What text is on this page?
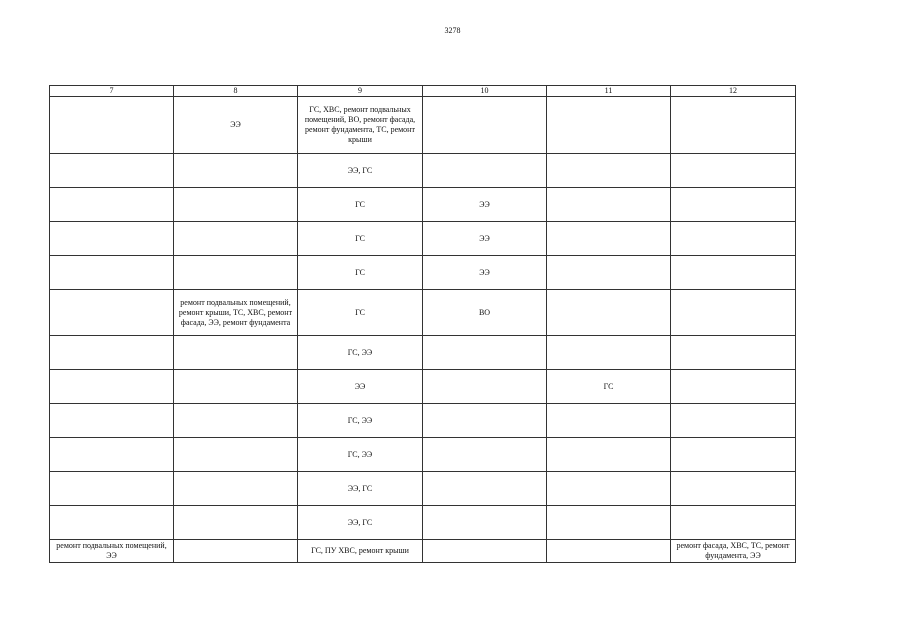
3278
7	8	9	10	11	12
	ЭЭ	ГС, ХВС, ремонт подвальных помещений, ВО, ремонт фасада, ремонт фундамента, ТС, ремонт крыши			
		ЭЭ, ГС			
		ГС	ЭЭ		
		ГС	ЭЭ		
		ГС	ЭЭ		
	ремонт подвальных помещений, ремонт крыши, ТС, ХВС, ремонт фасада, ЭЭ, ремонт фундамента	ГС	ВО		
		ГС, ЭЭ			
		ЭЭ		ГС	
		ГС, ЭЭ			
		ГС, ЭЭ			
		ЭЭ, ГС			
		ЭЭ, ГС			
ремонт подвальных помещений, ЭЭ		ГС, ПУ ХВС, ремонт крыши			ремонт фасада, ХВС, ТС, ремонт фундамента, ЭЭ
